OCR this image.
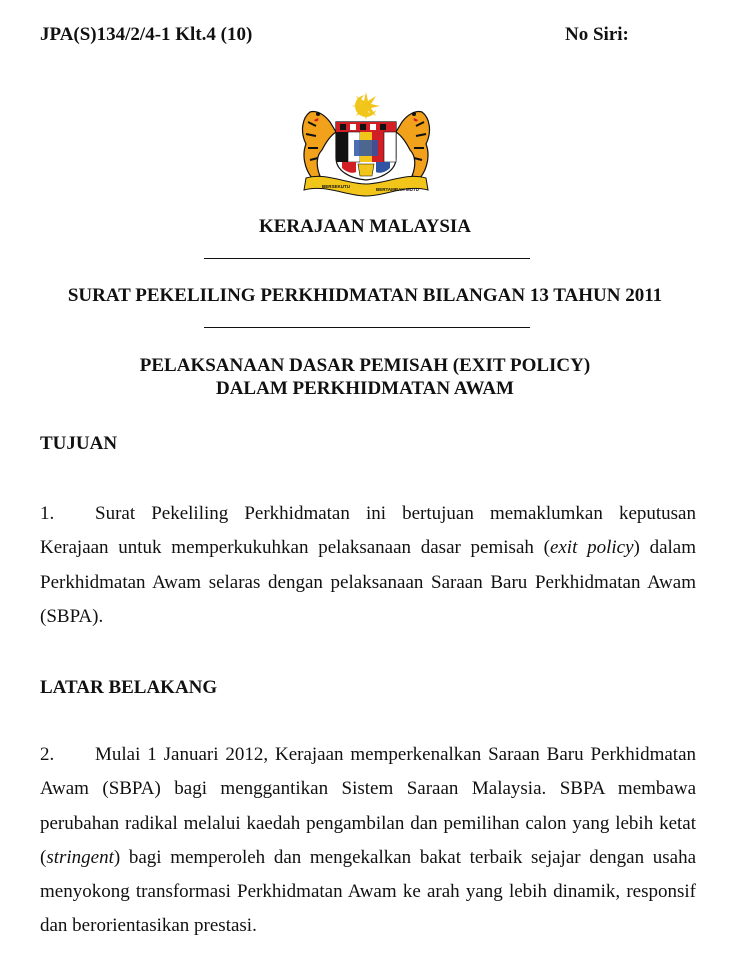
JPA(S)134/2/4-1 Klt.4 (10)	No Siri:
BERSEKUTU
BERTAMBAH MUTU
KERAJAAN MALAYSIA
SURAT PEKELILING PERKHIDMATAN BILANGAN 13 TAHUN 2011
PELAKSANAAN DASAR PEMISAH (EXIT POLICY)
DALAM PERKHIDMATAN AWAM
TUJUAN

1. Surat Pekeliling Perkhidmatan ini bertujuan memaklumkan keputusan Kerajaan untuk memperkukuhkan pelaksanaan dasar pemisah (exit policy) dalam Perkhidmatan Awam selaras dengan pelaksanaan Saraan Baru Perkhidmatan Awam (SBPA).

LATAR BELAKANG

2. Mulai 1 Januari 2012, Kerajaan memperkenalkan Saraan Baru Perkhidmatan Awam (SBPA) bagi menggantikan Sistem Saraan Malaysia. SBPA membawa perubahan radikal melalui kaedah pengambilan dan pemilihan calon yang lebih ketat (stringent) bagi memperoleh dan mengekalkan bakat terbaik sejajar dengan usaha menyokong transformasi Perkhidmatan Awam ke arah yang lebih dinamik, responsif dan berorientasikan prestasi.
